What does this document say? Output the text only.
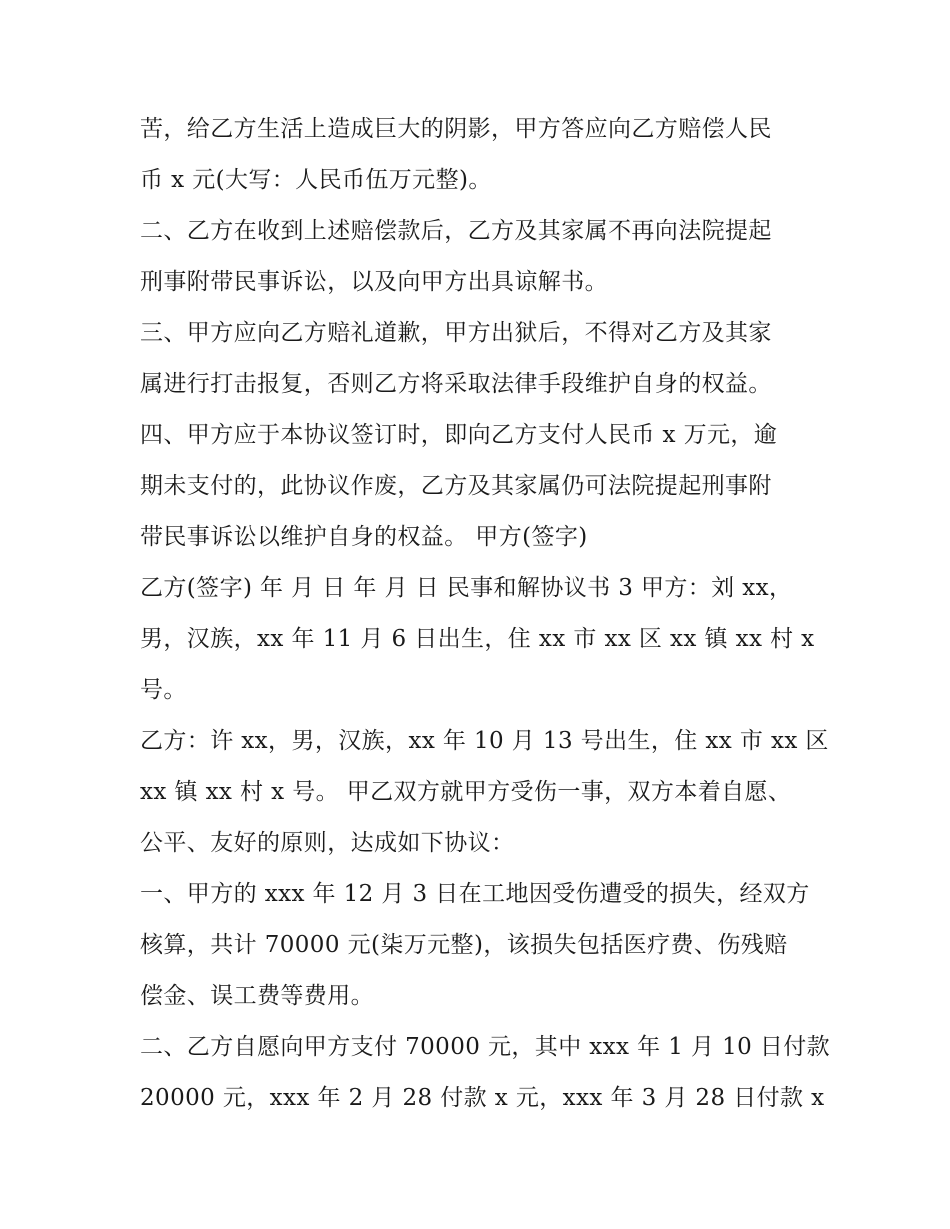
苦，给乙方生活上造成巨大的阴影，甲方答应向乙方赔偿人民
币 x 元(大写：人民币伍万元整)。
二、乙方在收到上述赔偿款后，乙方及其家属不再向法院提起
刑事附带民事诉讼，以及向甲方出具谅解书。
三、甲方应向乙方赔礼道歉，甲方出狱后，不得对乙方及其家
属进行打击报复，否则乙方将采取法律手段维护自身的权益。
四、甲方应于本协议签订时，即向乙方支付人民币 x 万元，逾
期未支付的，此协议作废，乙方及其家属仍可法院提起刑事附
带民事诉讼以维护自身的权益。 甲方(签字)
乙方(签字) 年 月 日 年 月 日 民事和解协议书 3 甲方：刘 xx，
男，汉族，xx 年 11 月 6 日出生，住 xx 市 xx 区 xx 镇 xx 村 x
号。
乙方：许 xx，男，汉族，xx 年 10 月 13 号出生，住 xx 市 xx 区
xx 镇 xx 村 x 号。 甲乙双方就甲方受伤一事，双方本着自愿、
公平、友好的原则，达成如下协议：
一、甲方的 xxx 年 12 月 3 日在工地因受伤遭受的损失，经双方
核算，共计 70000 元(柒万元整)，该损失包括医疗费、伤残赔
偿金、误工费等费用。
二、乙方自愿向甲方支付 70000 元，其中 xxx 年 1 月 10 日付款
20000 元，xxx 年 2 月 28 付款 x 元，xxx 年 3 月 28 日付款 x
